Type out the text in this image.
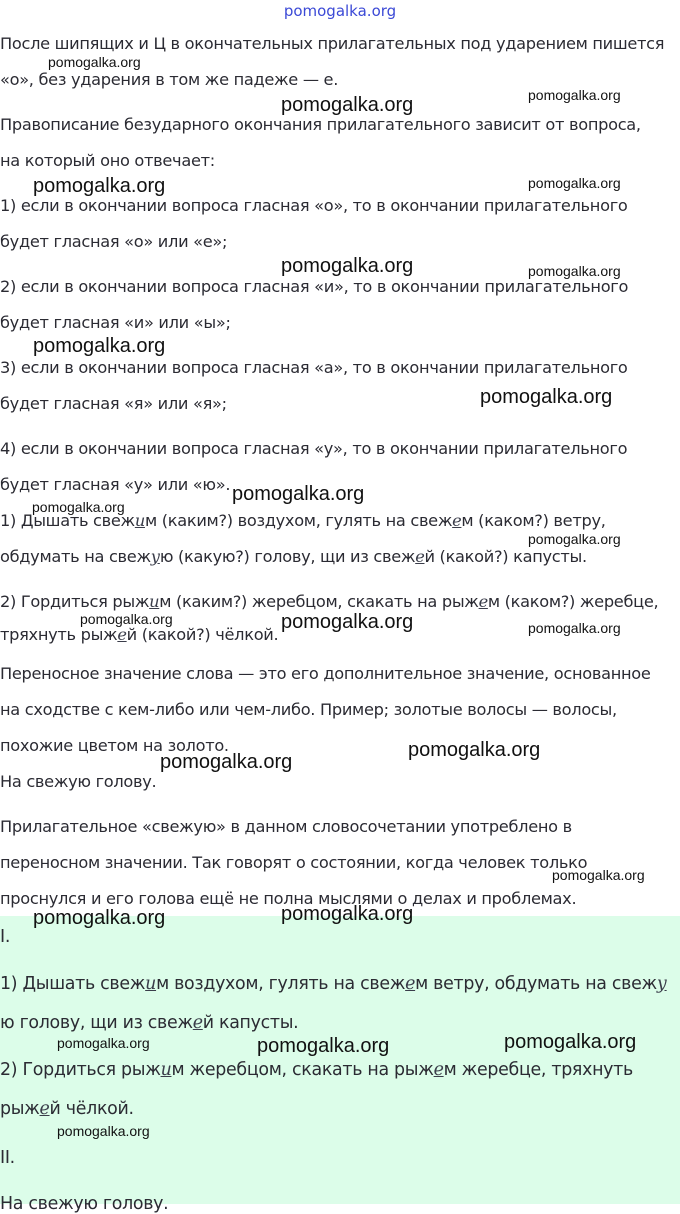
pomogalka.org

После шипящих и Ц в окончательных прилагательных под ударением пишется

«о», без ударения в том же падеже — е.

Правописание безударного окончания прилагательного зависит от вопроса,

на который оно отвечает:

1) если в окончании вопроса гласная «о», то в окончании прилагательного

будет гласная «о» или «е»;

2) если в окончании вопроса гласная «и», то в окончании прилагательного

будет гласная «и» или «ы»;

3) если в окончании вопроса гласная «а», то в окончании прилагательного

будет гласная «я» или «я»;

4) если в окончании вопроса гласная «у», то в окончании прилагательного

будет гласная «у» или «ю».

1) Дышать свежим (каким?) воздухом, гулять на свежем (каком?) ветру,

обдумать на свежую (какую?) голову, щи из свежей (какой?) капусты.

2) Гордиться рыжим (каким?) жеребцом, скакать на рыжем (каком?) жеребце,

тряхнуть рыжей (какой?) чёлкой.

Переносное значение слова — это его дополнительное значение, основанное

на сходстве с кем-либо или чем-либо. Пример; золотые волосы — волосы,

похожие цветом на золото.

На свежую голову.

Прилагательное «свежую» в данном словосочетании употреблено в

переносном значении. Так говорят о состоянии, когда человек только

проснулся и его голова ещё не полна мыслями о делах и проблемах.

I.

1) Дышать свежим воздухом, гулять на свежем ветру, обдумать на свежу

ю голову, щи из свежей капусты.

2) Гордиться рыжим жеребцом, скакать на рыжем жеребце, тряхнуть

рыжей чёлкой.

II.

На свежую голову.

pomogalka.org
pomogalka.org	pomogalka.org
pomogalka.org	pomogalka.org
pomogalka.org	pomogalka.org
pomogalka.org
pomogalka.org
pomogalka.org
pomogalka.org
pomogalka.org
pomogalka.org	pomogalka.org	pomogalka.org
pomogalka.org
pomogalka.org
pomogalka.org
pomogalka.org
pomogalka.org
pomogalka.org	pomogalka.org	pomogalka.org
pomogalka.org
